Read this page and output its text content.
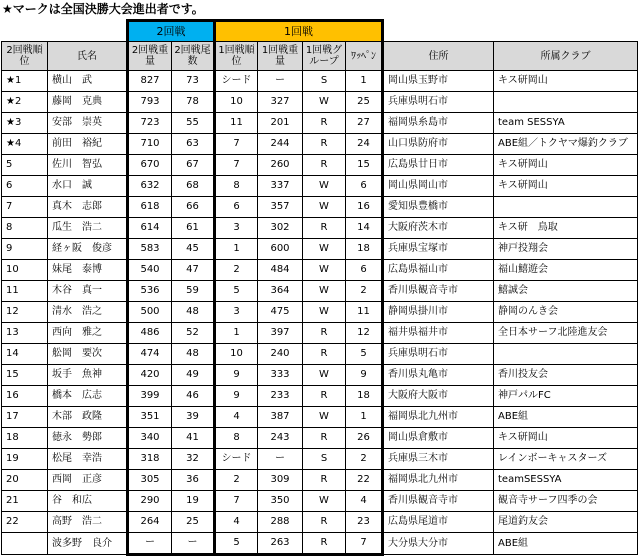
★マークは全国決勝大会進出者です。
		2回戦		1回戦					
2回戦順位	氏名	2回戦重量	2回戦尾数	1回戦順位	1回戦重量	1回戦グループ	ﾜｯﾍﾟﾝ	住所	所属クラブ
★1	横山　武	827	73	シード	ー	S	1	岡山県玉野市	キス研岡山
★2	藤岡　克典	793	78	10	327	W	25	兵庫県明石市	
★3	安部　崇英	723	55	11	201	R	27	福岡県糸島市	team SESSYA
★4	前田　裕紀	710	63	7	244	R	24	山口県防府市	ABE組／トクヤマ爆釣クラブ
5	佐川　智弘	670	67	7	260	R	15	広島県廿日市	キス研岡山
6	水口　誠	632	68	8	337	W	6	岡山県岡山市	キス研岡山
7	真木　志郎	618	66	6	357	W	16	愛知県豊橋市	
8	瓜生　浩二	614	61	3	302	R	14	大阪府茨木市	キス研　鳥取
9	経ヶ阪　俊彦	583	45	1	600	W	18	兵庫県宝塚市	神戸投翔会
10	妹尾　泰博	540	47	2	484	W	6	広島県福山市	福山鱚遊会
11	木谷　真一	536	59	5	364	W	2	香川県観音寺市	鱚誠会
12	清水　浩之	500	48	3	475	W	11	静岡県掛川市	静岡のんき会
13	西向　雅之	486	52	1	397	R	12	福井県福井市	全日本サーフ北陸進友会
14	舩岡　要次	474	48	10	240	R	5	兵庫県明石市	
15	坂手　魚神	420	49	9	333	W	9	香川県丸亀市	香川投友会
16	橋本　広志	399	46	9	233	R	18	大阪府大阪市	神戸パルFC
17	木部　政隆	351	39	4	387	W	1	福岡県北九州市	ABE組
18	徳永　勢郎	340	41	8	243	R	26	岡山県倉敷市	キス研岡山
19	松尾　幸浩	318	32	シード	ー	S	2	兵庫県三木市	レインボーキャスターズ
20	西岡　正彦	305	36	2	309	R	22	福岡県北九州市	teamSESSYA
21	谷　和広	290	19	7	350	W	4	香川県観音寺市	観音寺サーフ四季の会
22	高野　浩二	264	25	4	288	R	23	広島県尾道市	尾道釣友会
	波多野　良介	ー	ー	5	263	R	7	大分県大分市	ABE組
